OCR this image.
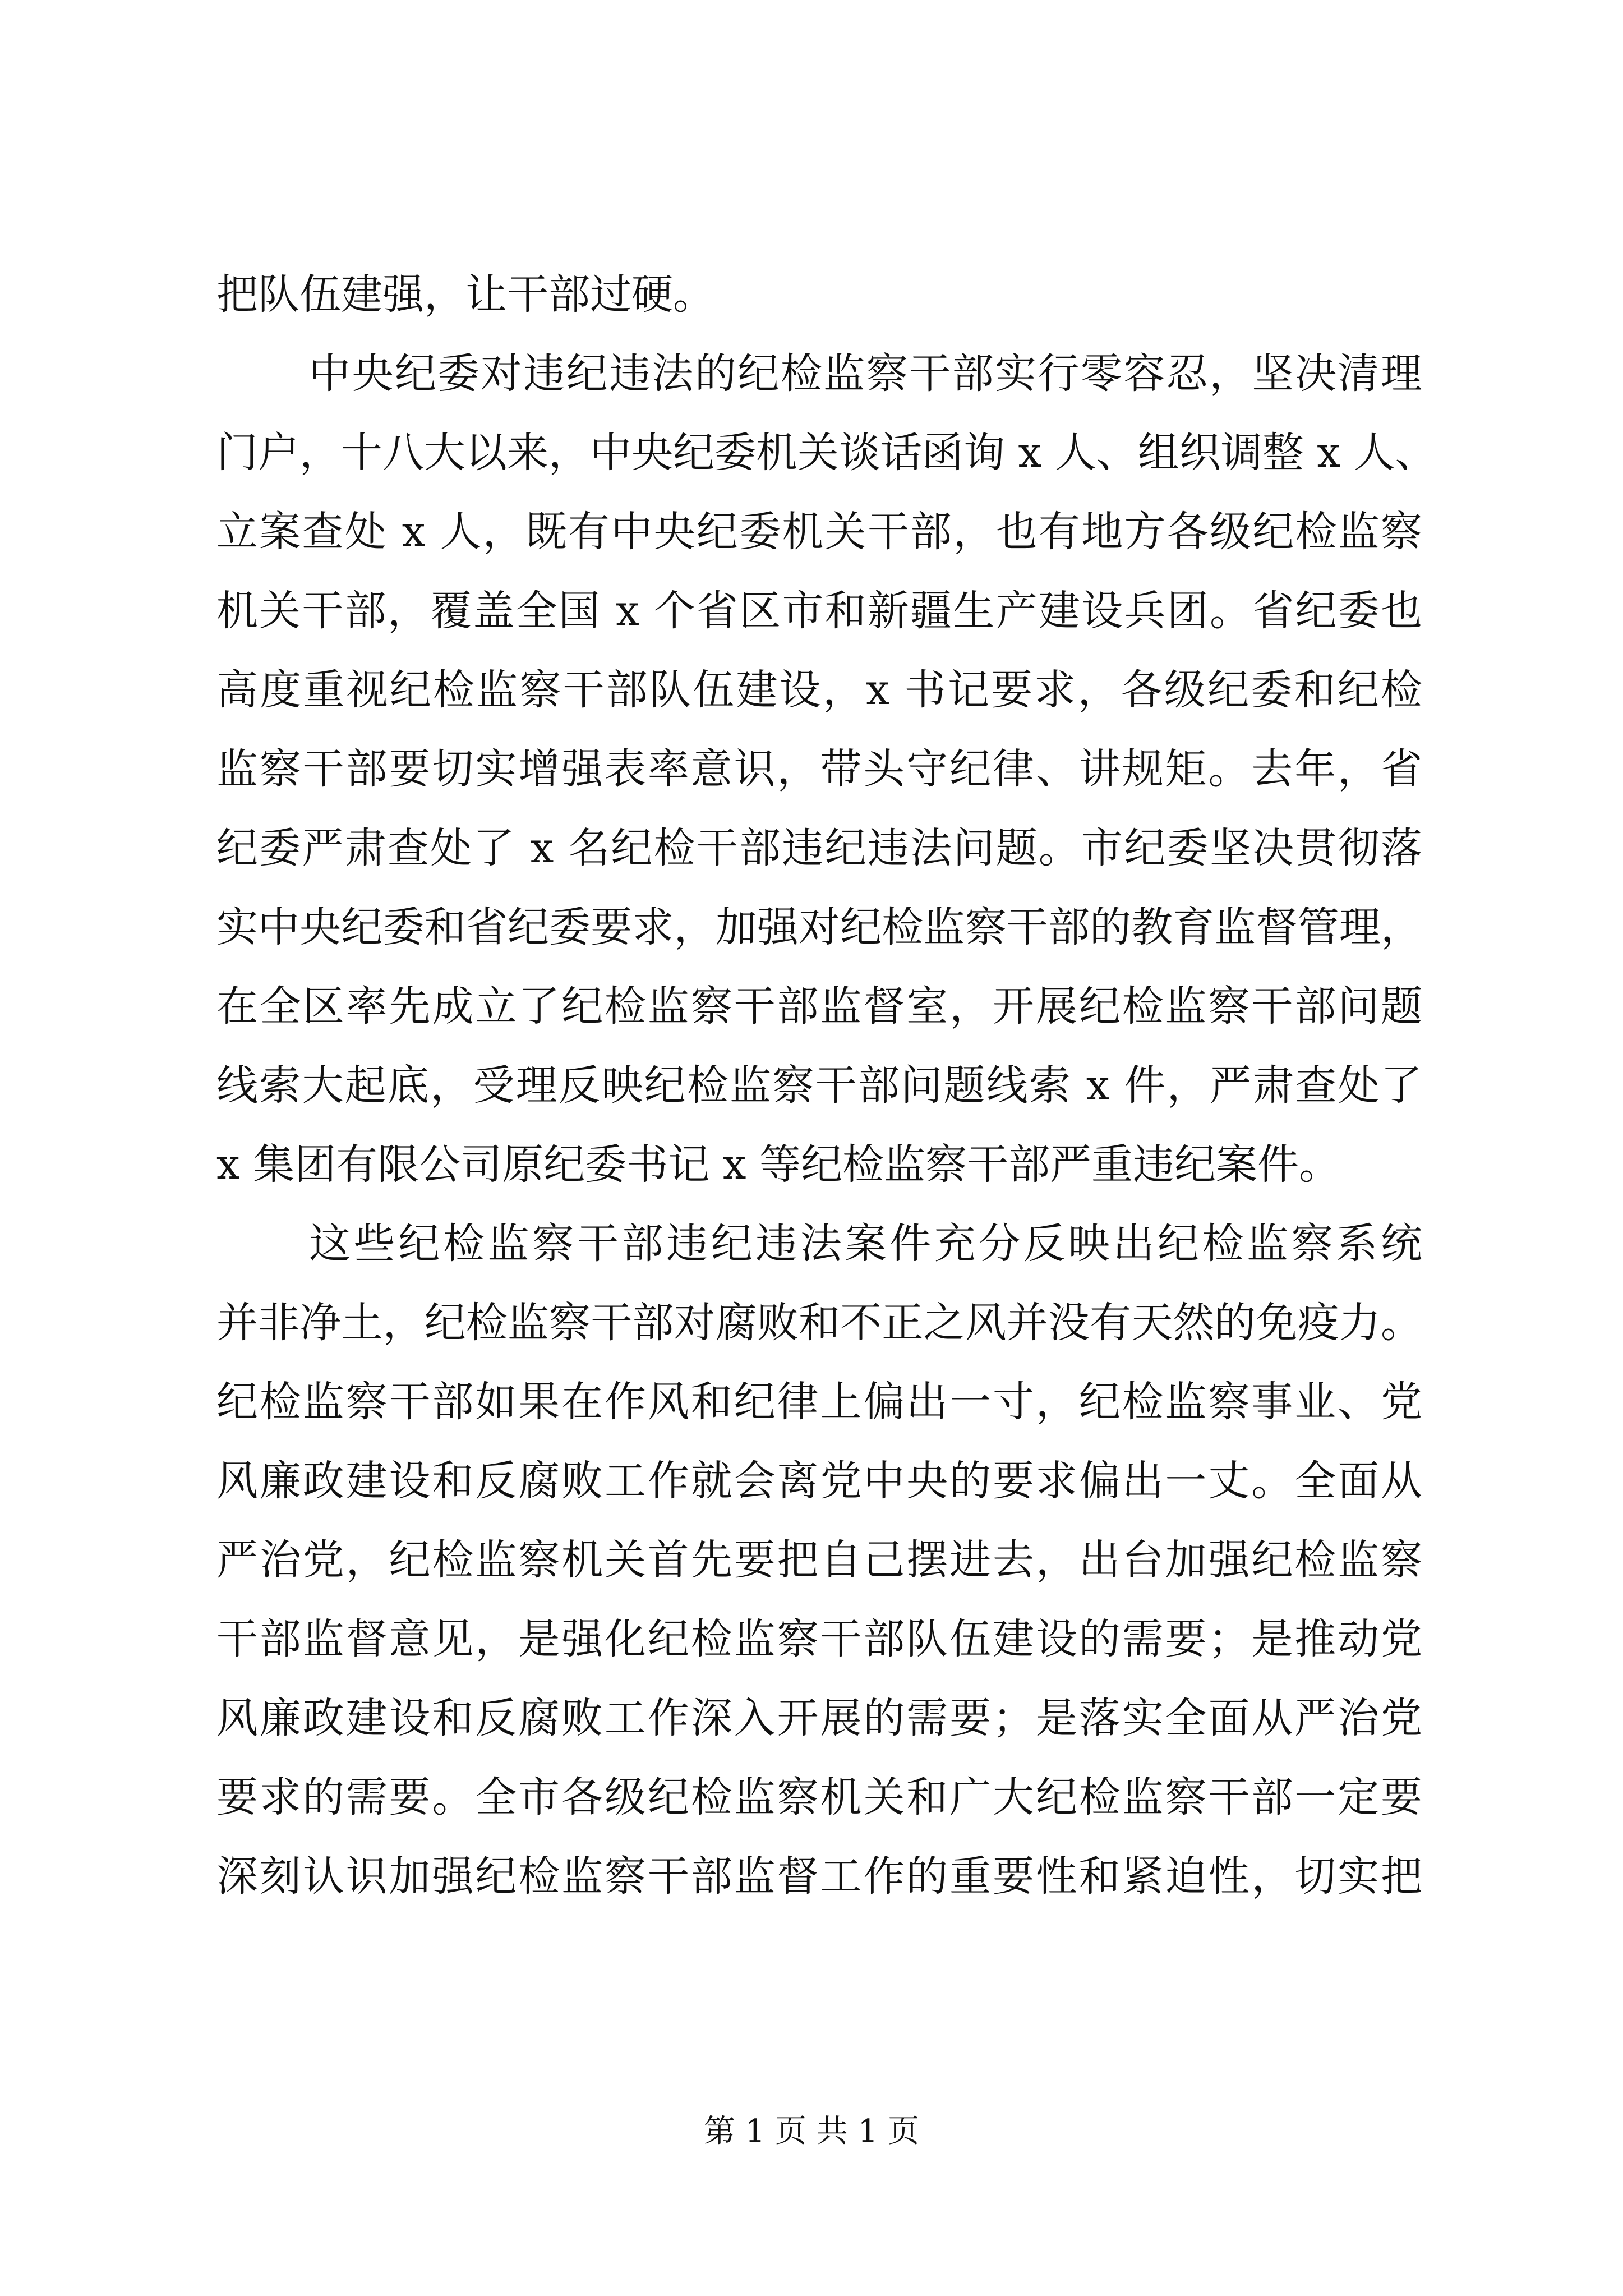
把队伍建强，让干部过硬。
中央纪委对违纪违法的纪检监察干部实行零容忍，坚决清理
门户，十八大以来，中央纪委机关谈话函询 x 人、组织调整 x 人、
立案查处 x 人，既有中央纪委机关干部，也有地方各级纪检监察
机关干部，覆盖全国 x 个省区市和新疆生产建设兵团。省纪委也
高度重视纪检监察干部队伍建设，x 书记要求，各级纪委和纪检
监察干部要切实增强表率意识，带头守纪律、讲规矩。去年，省
纪委严肃查处了 x 名纪检干部违纪违法问题。市纪委坚决贯彻落
实中央纪委和省纪委要求，加强对纪检监察干部的教育监督管理，
在全区率先成立了纪检监察干部监督室，开展纪检监察干部问题
线索大起底，受理反映纪检监察干部问题线索 x 件，严肃查处了
x 集团有限公司原纪委书记 x 等纪检监察干部严重违纪案件。
这些纪检监察干部违纪违法案件充分反映出纪检监察系统
并非净土，纪检监察干部对腐败和不正之风并没有天然的免疫力。
纪检监察干部如果在作风和纪律上偏出一寸，纪检监察事业、党
风廉政建设和反腐败工作就会离党中央的要求偏出一丈。全面从
严治党，纪检监察机关首先要把自己摆进去，出台加强纪检监察
干部监督意见，是强化纪检监察干部队伍建设的需要；是推动党
风廉政建设和反腐败工作深入开展的需要；是落实全面从严治党
要求的需要。全市各级纪检监察机关和广大纪检监察干部一定要
深刻认识加强纪检监察干部监督工作的重要性和紧迫性，切实把
第 1 页 共 1 页
